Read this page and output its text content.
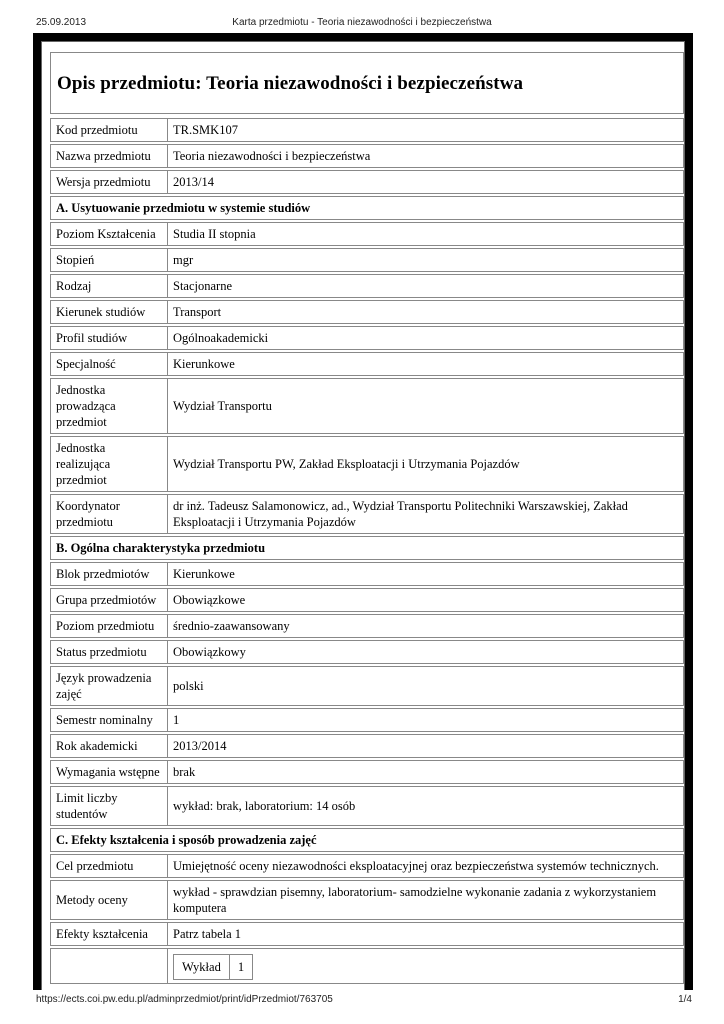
25.09.2013	Karta przedmiotu - Teoria niezawodności i bezpieczeństwa
Opis przedmiotu: Teoria niezawodności i bezpieczeństwa
Kod przedmiotu	TR.SMK107
Nazwa przedmiotu	Teoria niezawodności i bezpieczeństwa
Wersja przedmiotu	2013/14
A. Usytuowanie przedmiotu w systemie studiów
Poziom Kształcenia	Studia II stopnia
Stopień	mgr
Rodzaj	Stacjonarne
Kierunek studiów	Transport
Profil studiów	Ogólnoakademicki
Specjalność	Kierunkowe
Jednostka prowadząca przedmiot	Wydział Transportu
Jednostka realizująca przedmiot	Wydział Transportu PW, Zakład Eksploatacji i Utrzymania Pojazdów
Koordynator przedmiotu	dr inż. Tadeusz Salamonowicz, ad., Wydział Transportu Politechniki Warszawskiej, Zakład Eksploatacji i Utrzymania Pojazdów
B. Ogólna charakterystyka przedmiotu
Blok przedmiotów	Kierunkowe
Grupa przedmiotów	Obowiązkowe
Poziom przedmiotu	średnio-zaawansowany
Status przedmiotu	Obowiązkowy
Język prowadzenia zajęć	polski
Semestr nominalny	1
Rok akademicki	2013/2014
Wymagania wstępne	brak
Limit liczby studentów	wykład: brak, laboratorium: 14 osób
C. Efekty kształcenia i sposób prowadzenia zajęć
Cel przedmiotu	Umiejętność oceny niezawodności eksploatacyjnej oraz bezpieczeństwa systemów technicznych.
Metody oceny	wykład - sprawdzian pisemny, laboratorium- samodzielne wykonanie zadania z wykorzystaniem komputera
Efekty kształcenia	Patrz tabela 1
	Wykład	1
https://ects.coi.pw.edu.pl/adminprzedmiot/print/idPrzedmiot/763705	1/4
